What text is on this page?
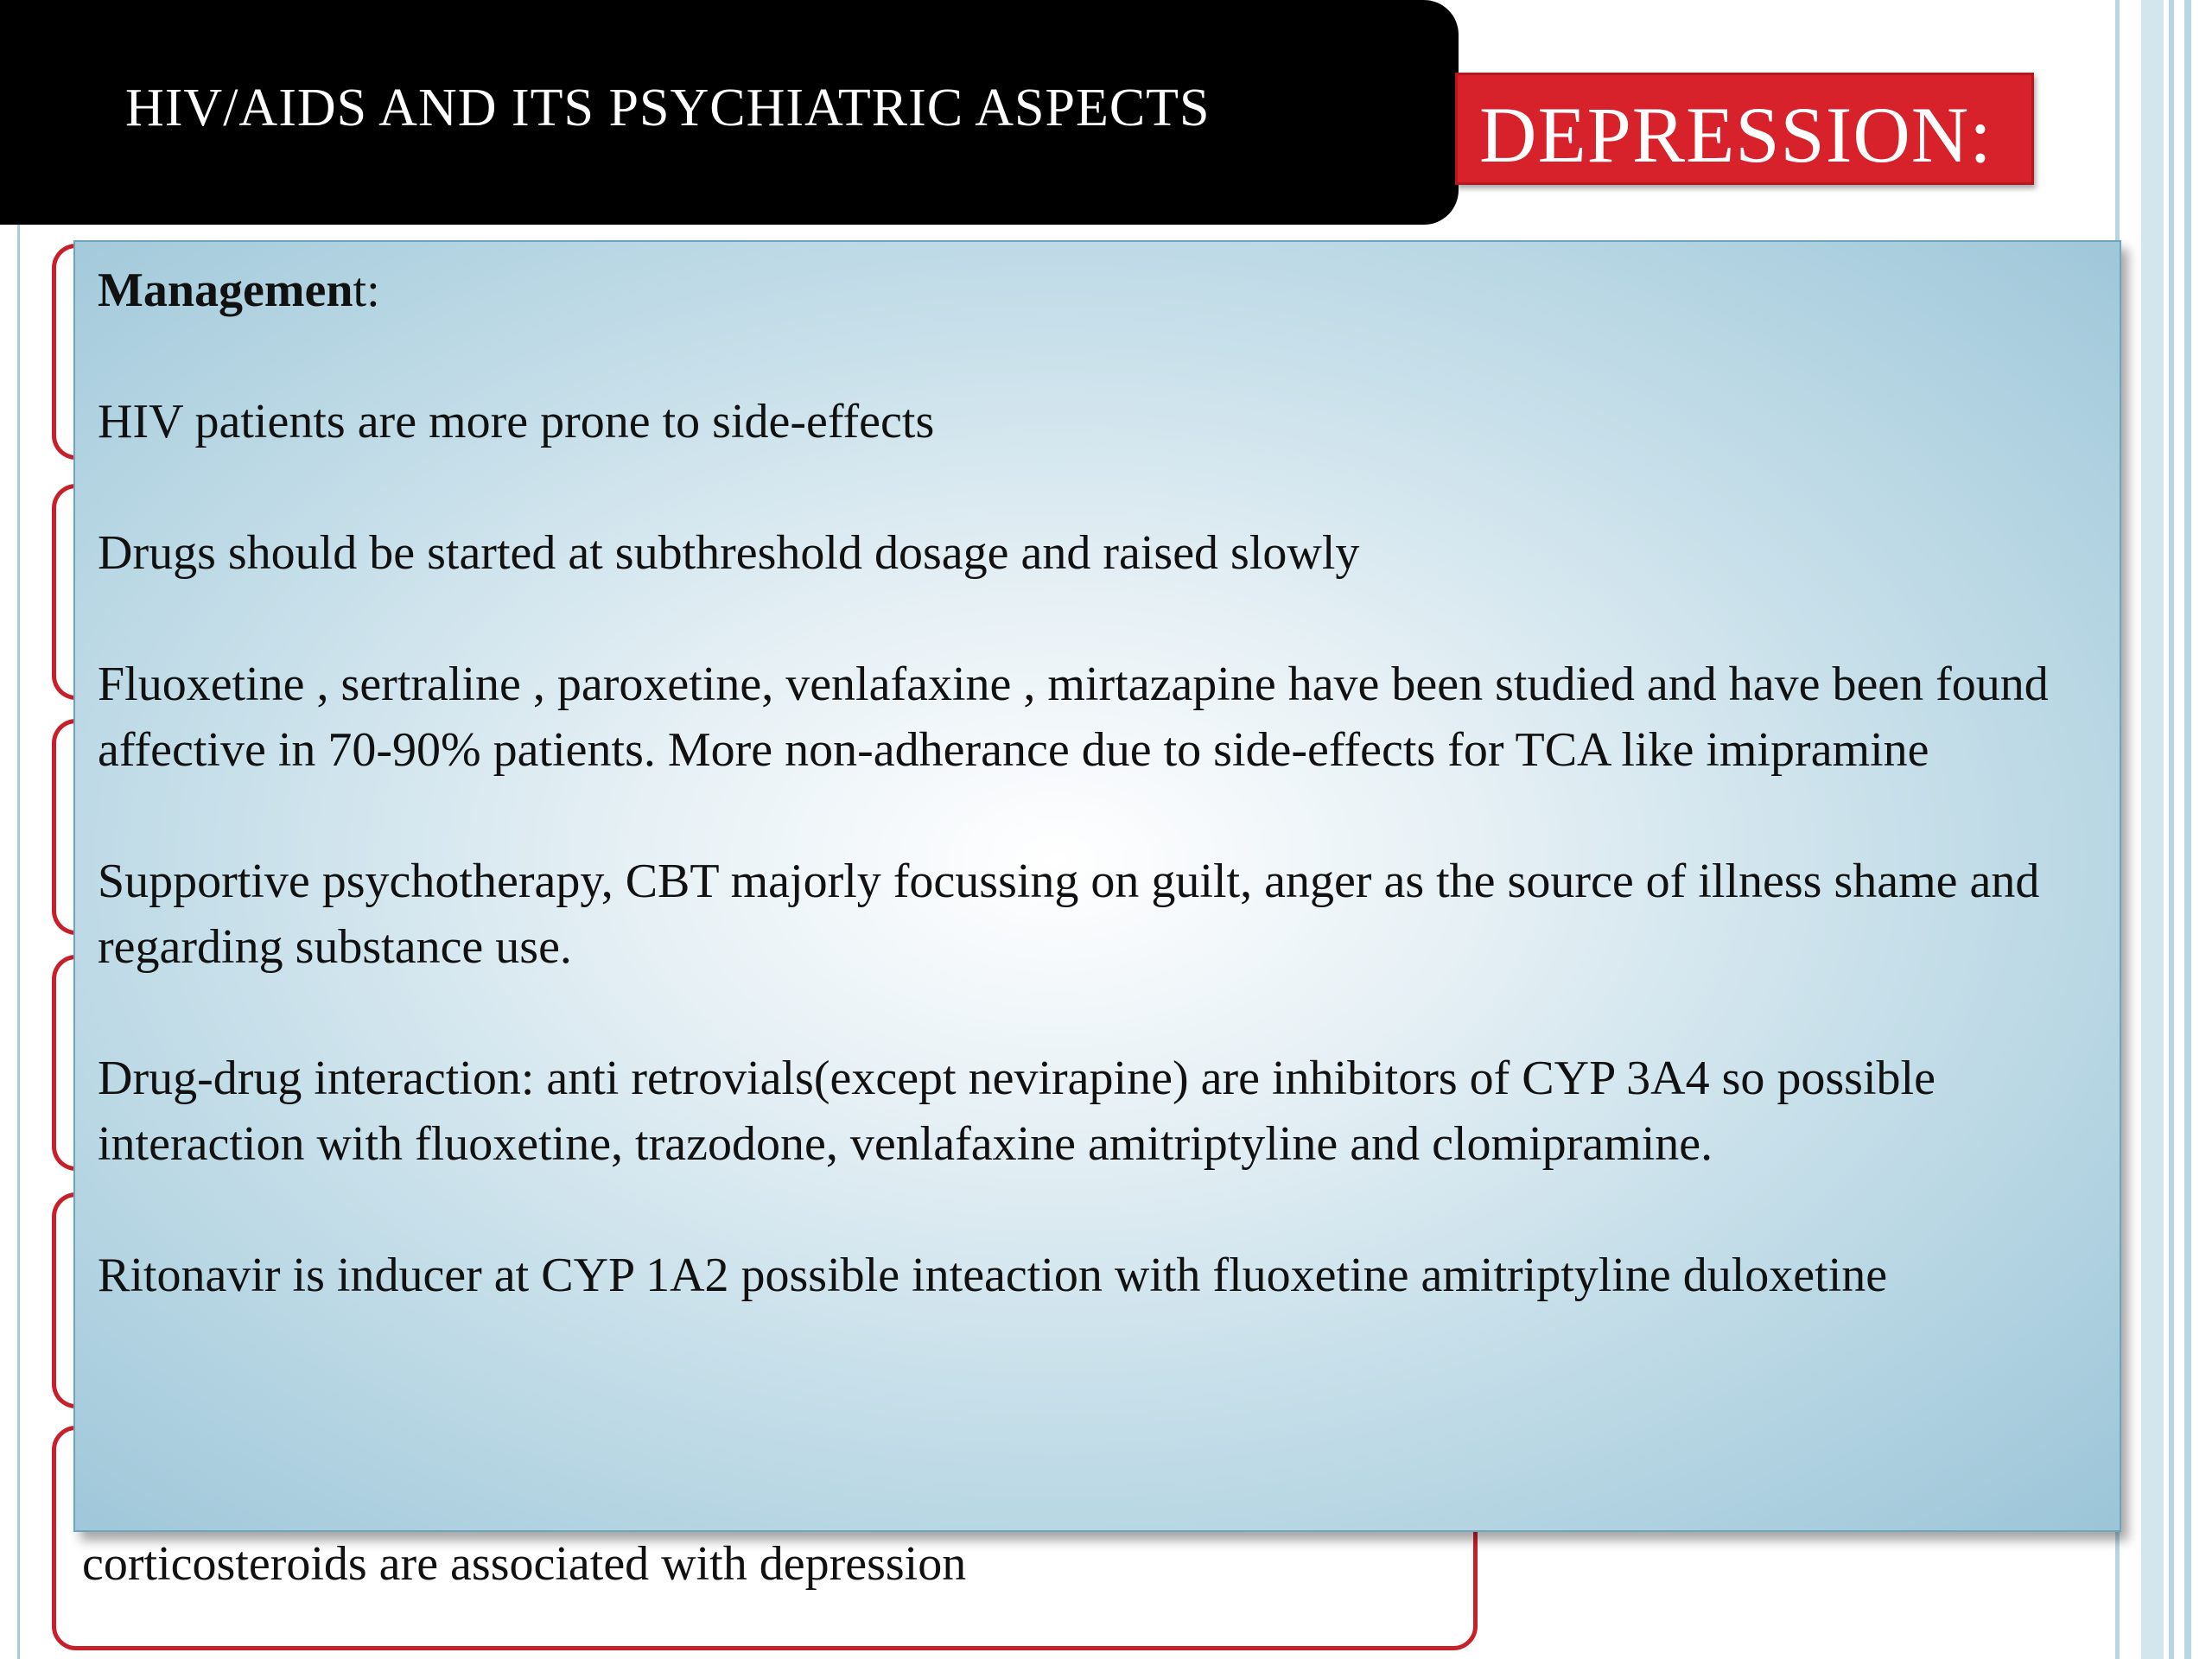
HIV/AIDS AND ITS PSYCHIATRIC ASPECTS	DEPRESSION:
corticosteroids are associated with depression

Management:

HIV patients are more prone to side-effects

Drugs should be started at subthreshold dosage and raised slowly

Fluoxetine , sertraline , paroxetine, venlafaxine , mirtazapine have been studied and have been found affective in 70-90% patients. More non-adherance due to side-effects for TCA like imipramine

Supportive psychotherapy, CBT majorly focussing on guilt, anger as the source of illness shame and regarding substance use.

Drug-drug interaction: anti retrovials(except nevirapine) are inhibitors of CYP 3A4 so possible interaction with fluoxetine, trazodone, venlafaxine amitriptyline and clomipramine.

Ritonavir is inducer at CYP 1A2 possible inteaction with fluoxetine amitriptyline duloxetine
